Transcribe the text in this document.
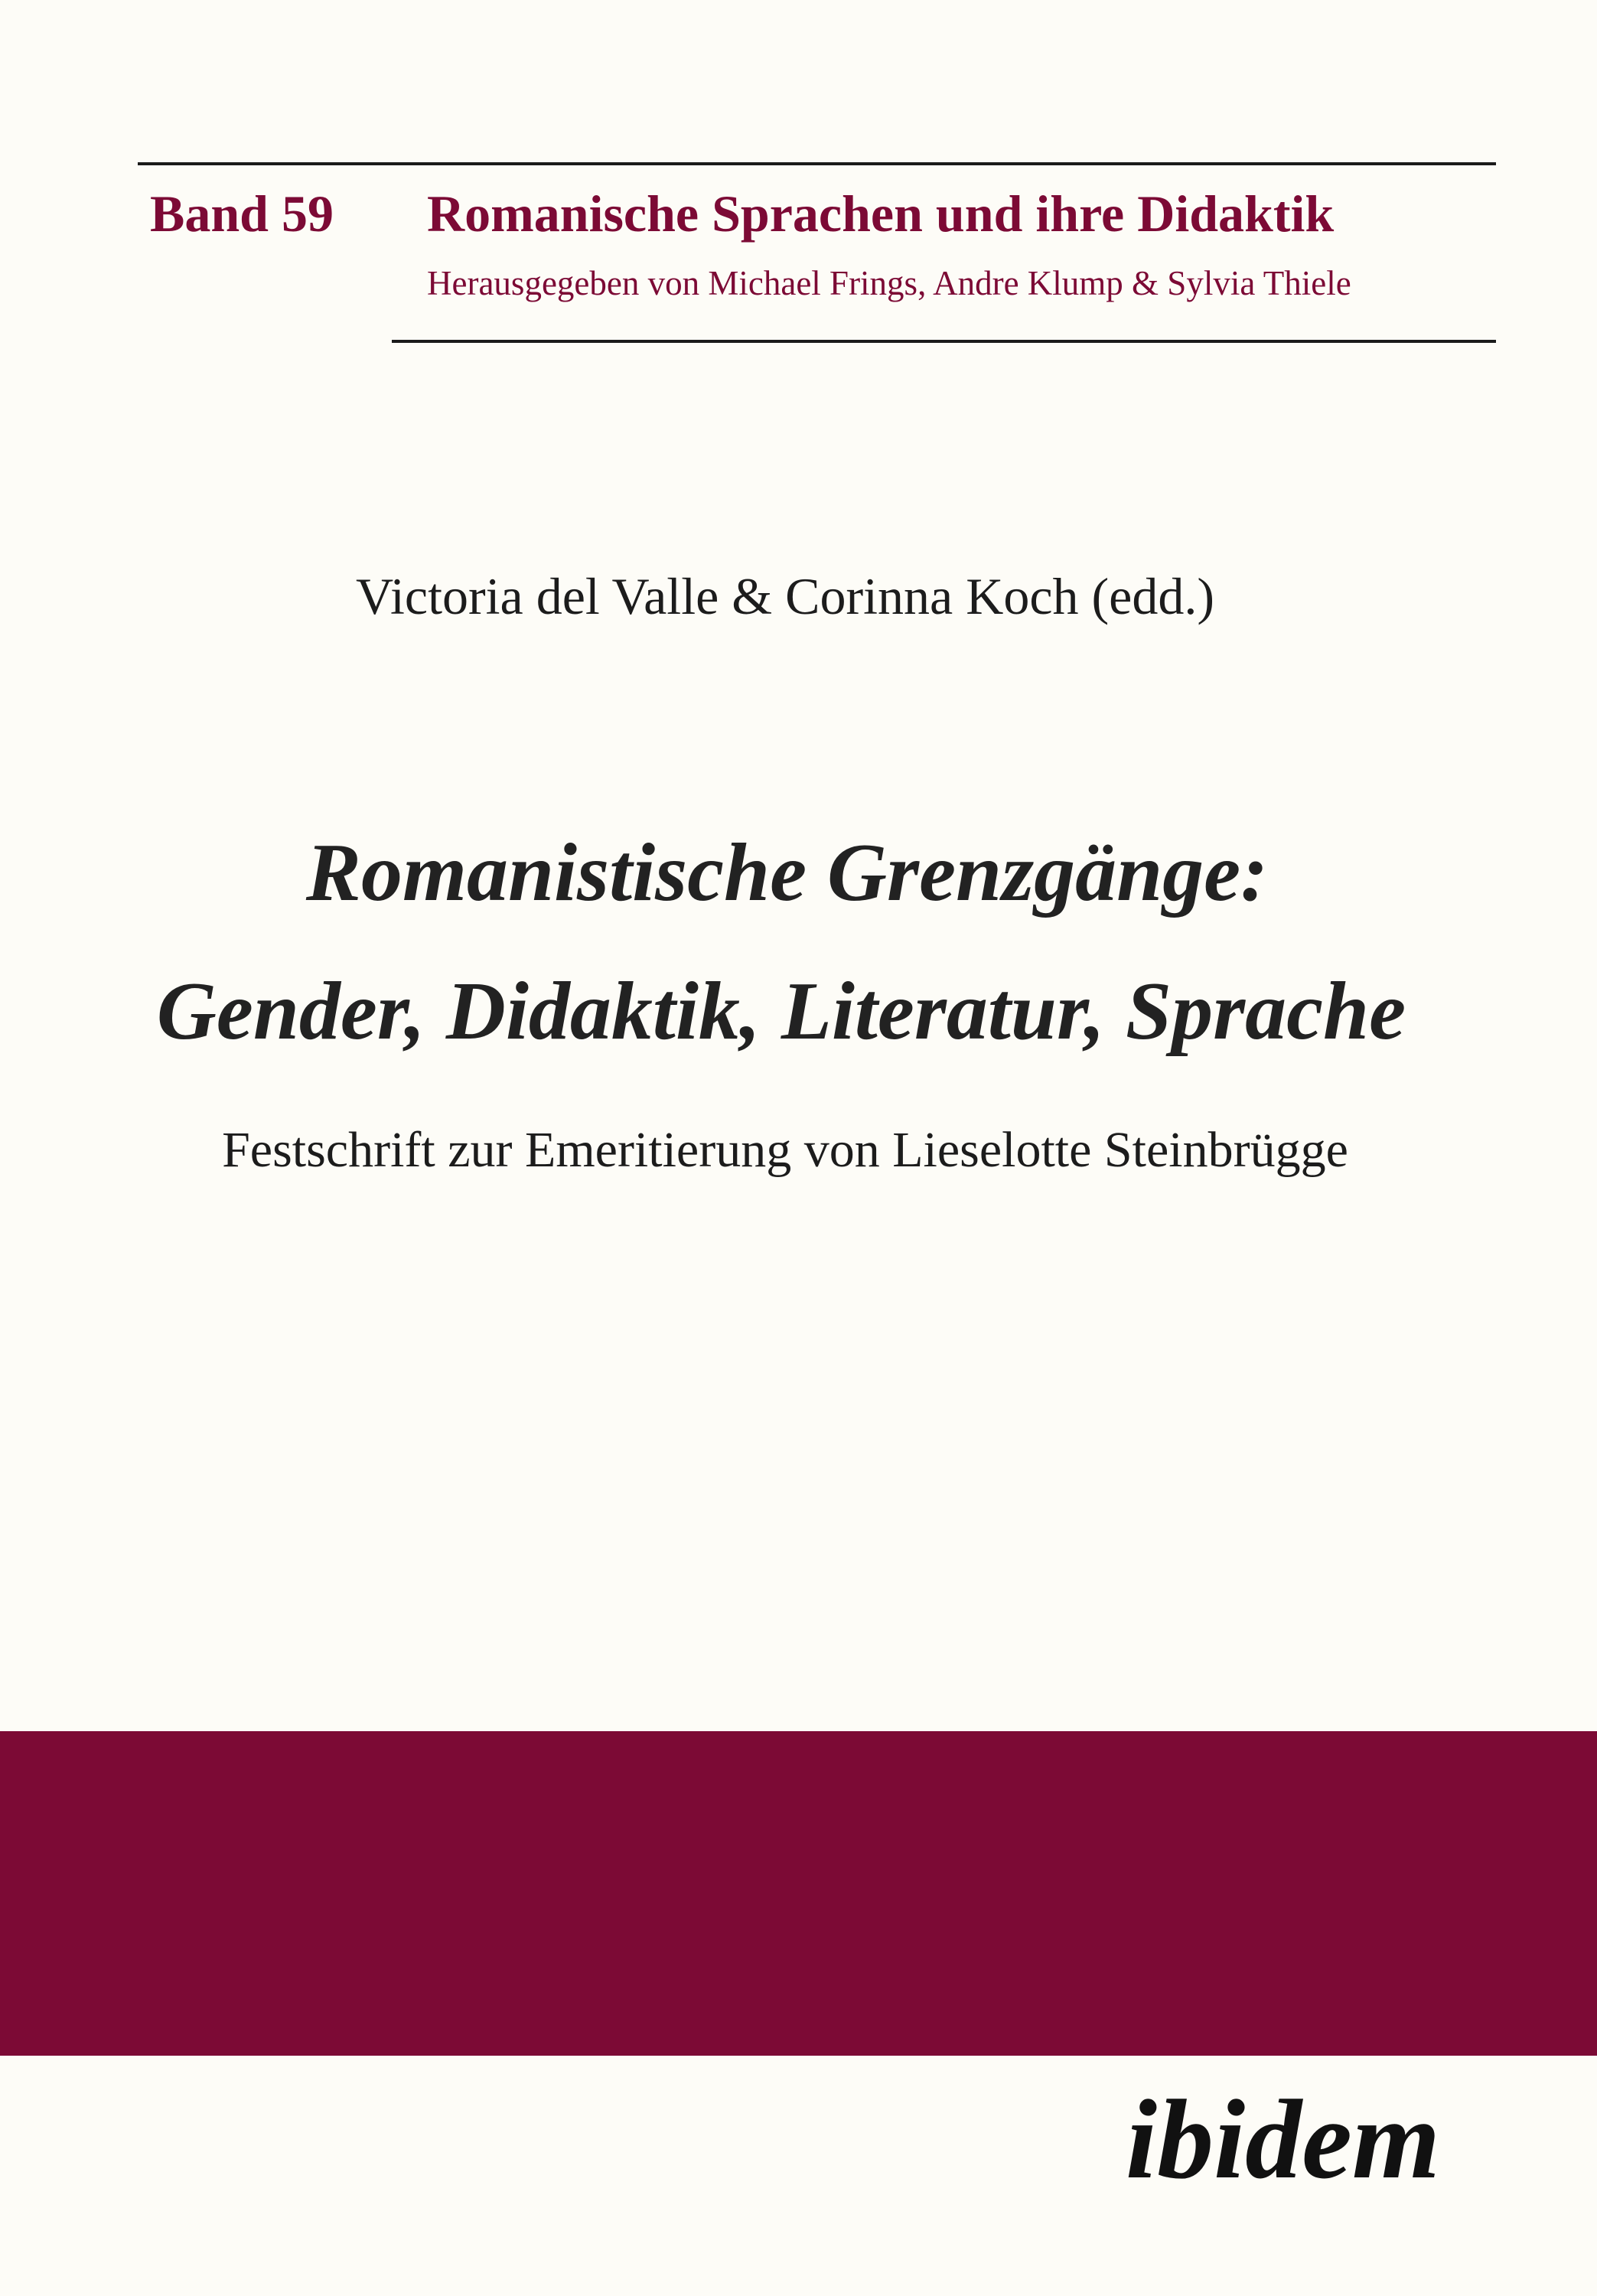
Band 59 Romanische Sprachen und ihre Didaktik
Herausgegeben von Michael Frings, Andre Klump & Sylvia Thiele
Victoria del Valle & Corinna Koch (edd.)
Romanistische Grenzgänge:
Gender, Didaktik, Literatur, Sprache
Festschrift zur Emeritierung von Lieselotte Steinbrügge
ibidem
